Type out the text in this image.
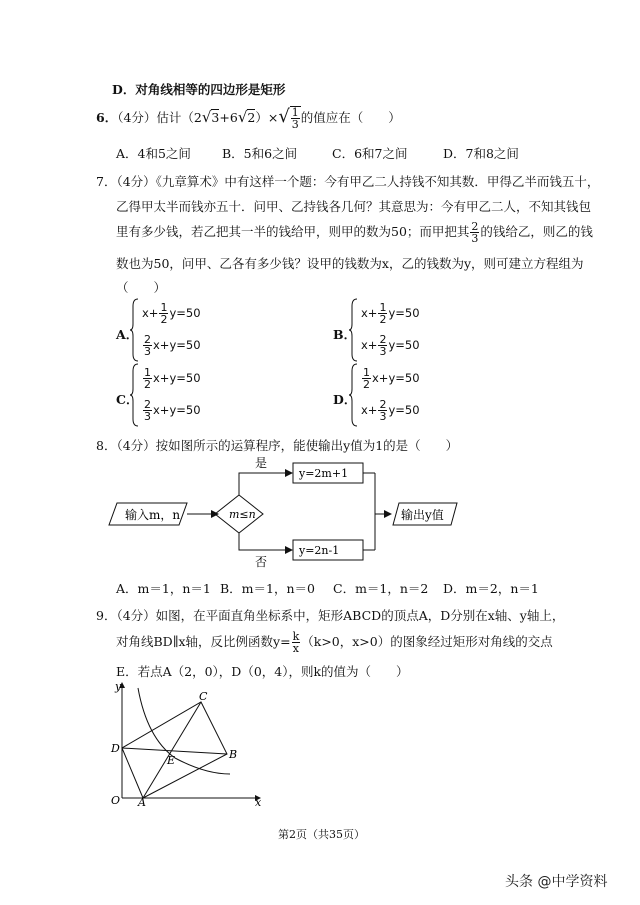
D．对角线相等的四边形是矩形
6．（4分）估计$(2√3+6√2)\times√ \frac{1}{3}$ 的值应在（　　）
A．4和5之间 B．5和6之间	C．6和7之间	D．7和8之间
7．（4分）《九章算术》中有这样一个题：今有甲乙二人持钱不知其数．甲得乙半而钱五十，
乙得甲太半而钱亦五十．问甲、乙持钱各几何？其意思为：今有甲乙二人，不知其钱包
里有多少钱，若乙把其一半的钱给甲，则甲的数为50；而甲把其 $\frac{2}{3}$ 的钱给乙，则乙的钱
数也为50，问甲、乙各有多少钱？设甲的钱数为x，乙的钱数为y，则可建立方程组为
（　　）
A．
$x+ \frac{1}{2} y=50$
$\frac{2}{3} x+y=50$
B．
$x+ \frac{1}{2} y=50$
$x+ \frac{2}{3} y=50$
C．
$\frac{1}{2} x+y=50$
$\frac{2}{3} x+y=50$
D．
$\frac{1}{2} x+y=50$
$x+ \frac{2}{3} y=50$
8．（4分）按如图所示的运算程序，能使输出y值为1的是（　　）
输入m，n	m≤n
是
y=2m+1
否
y=2n-1
输出y值
A．m＝1，n＝1 B．m＝1，n＝0 C．m＝1，n＝2 D．m＝2，n＝1
9．（4分）如图，在平面直角坐标系中，矩形ABCD的顶点A，D分别在x轴、y轴上，
对角线BD∥x轴，反比例函数$y= \frac{k}{x} (k>0$，x>0）的图象经过矩形对角线的交点
E．若点A（2，0），D（0，4），则k的值为（　　）
y
x
O
D
A
B
C
E
第2页（共35页）
头条 @中学资料
